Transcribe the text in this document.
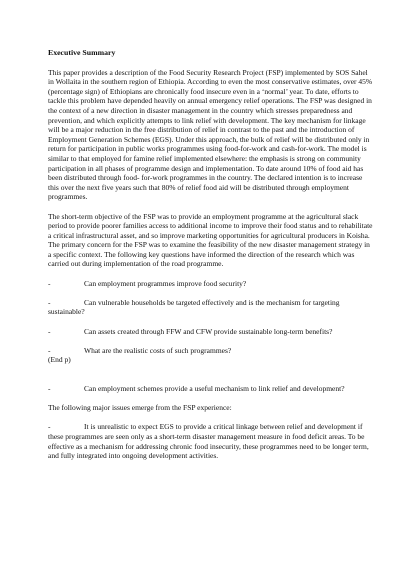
Executive Summary
This paper provides a description of the Food Security Research Project (FSP) implemented by SOS Sahel in Wollaita in the southern region of Ethiopia. According to even the most conservative estimates, over 45%(percentage sign) of Ethiopians are chronically food insecure even in a ‘normal’ year. To date, efforts to tackle this problem have depended heavily on annual emergency relief operations. The FSP was designed in the context of a new direction in disaster management in the country which stresses preparedness and prevention, and which explicitly attempts to link relief with development. The key mechanism for linkage will be a major reduction in the free distribution of relief in contrast to the past and the introduction of Employment Generation Schemes (EGS). Under this approach, the bulk of relief will be distributed only in return for participation in public works programmes using food-for-work and cash-for-work. The model is similar to that employed for famine relief implemented elsewhere: the emphasis is strong on community participation in all phases of programme design and implementation. To date around 10% of food aid has been distributed through food- for-work programmes in the country. The declared intention is to increase this over the next five years such that 80% of relief food aid will be distributed through employment programmes.
The short-term objective of the FSP was to provide an employment programme at the agricultural slack period to provide poorer families access to additional income to improve their food status and to rehabilitate a critical infrastructural asset, and so improve marketing opportunities for agricultural producers in Koisha. The primary concern for the FSP was to examine the feasibility of the new disaster management strategy in a specific context. The following key questions have informed the direction of the research which was carried out during implementation of the road programme.
-	Can employment programmes improve food security?
-	Can vulnerable households be targeted effectively and is the mechanism for targeting sustainable?
-	Can assets created through FFW and CFW provide sustainable long-term benefits?
-	What are the realistic costs of such programmes?
(End p)
-	Can employment schemes provide a useful mechanism to link relief and development?
The following major issues emerge from the FSP experience:
-	It is unrealistic to expect EGS to provide a critical linkage between relief and development if these programmes are seen only as a short-term disaster management measure in food deficit areas. To be effective as a mechanism for addressing chronic food insecurity, these programmes need to be longer term, and fully integrated into ongoing development activities.
